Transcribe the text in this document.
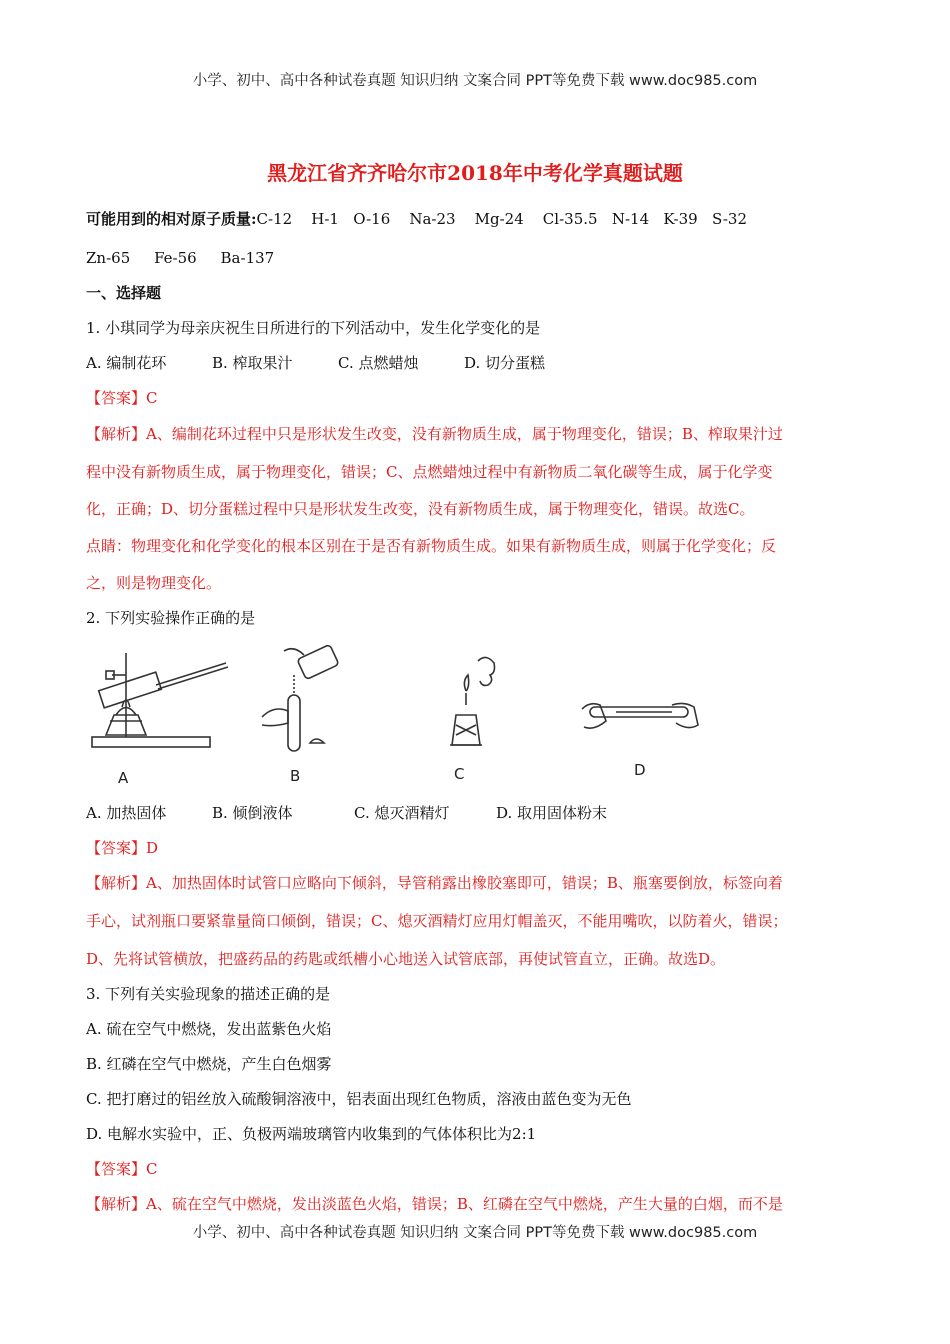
小学、初中、高中各种试卷真题 知识归纳 文案合同 PPT等免费下载 www.doc985.com
黑龙江省齐齐哈尔市2018年中考化学真题试题
可能用到的相对原子质量:C-12    H-1   O-16    Na-23    Mg-24    Cl-35.5   N-14   K-39   S-32
Zn-65     Fe-56     Ba-137
一、选择题
1. 小琪同学为母亲庆祝生日所进行的下列活动中，发生化学变化的是
A. 编制花环	B. 榨取果汁	C. 点燃蜡烛	D. 切分蛋糕
【答案】C
【解析】A、编制花环过程中只是形状发生改变，没有新物质生成，属于物理变化，错误；B、榨取果汁过
程中没有新物质生成，属于物理变化，错误；C、点燃蜡烛过程中有新物质二氧化碳等生成，属于化学变
化，正确；D、切分蛋糕过程中只是形状发生改变，没有新物质生成，属于物理变化，错误。故选C。
点睛：物理变化和化学变化的根本区别在于是否有新物质生成。如果有新物质生成，则属于化学变化；反
之，则是物理变化。
2. 下列实验操作正确的是
A	B	C	D
A. 加热固体	B. 倾倒液体	C. 熄灭酒精灯	D. 取用固体粉末
【答案】D
【解析】A、加热固体时试管口应略向下倾斜，导管稍露出橡胶塞即可，错误；B、瓶塞要倒放，标签向着
手心，试剂瓶口要紧靠量筒口倾倒，错误；C、熄灭酒精灯应用灯帽盖灭，不能用嘴吹，以防着火，错误；
D、先将试管横放，把盛药品的药匙或纸槽小心地送入试管底部，再使试管直立，正确。故选D。
3. 下列有关实验现象的描述正确的是
A. 硫在空气中燃烧，发出蓝紫色火焰
B. 红磷在空气中燃烧，产生白色烟雾
C. 把打磨过的铝丝放入硫酸铜溶液中，铝表面出现红色物质，溶液由蓝色变为无色
D. 电解水实验中，正、负极两端玻璃管内收集到的气体体积比为2:1
【答案】C
【解析】A、硫在空气中燃烧，发出淡蓝色火焰，错误；B、红磷在空气中燃烧，产生大量的白烟，而不是
小学、初中、高中各种试卷真题 知识归纳 文案合同 PPT等免费下载 www.doc985.com
